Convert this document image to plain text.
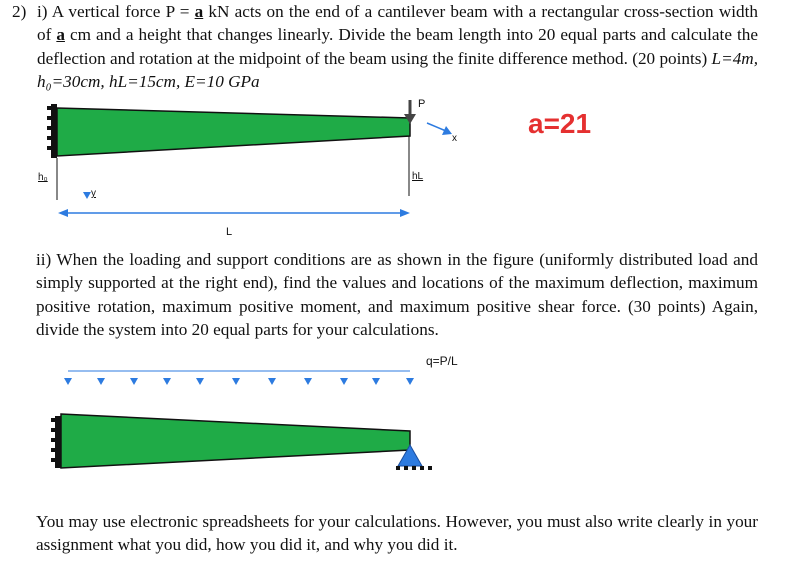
2) i) A vertical force P = a kN acts on the end of a cantilever beam with a rectangular cross-section width of a cm and a height that changes linearly. Divide the beam length into 20 equal parts and calculate the deflection and rotation at the midpoint of the beam using the finite difference method. (20 points) L=4m, h₀=30cm, hL=15cm, E=10 GPa
P
x
h₀
y
hL
L
a=21
ii) When the loading and support conditions are as shown in the figure (uniformly distributed load and simply supported at the right end), find the values and locations of the maximum deflection, maximum positive rotation, maximum positive moment, and maximum positive shear force. (30 points) Again, divide the system into 20 equal parts for your calculations.
q=P/L
You may use electronic spreadsheets for your calculations. However, you must also write clearly in your assignment what you did, how you did it, and why you did it.
